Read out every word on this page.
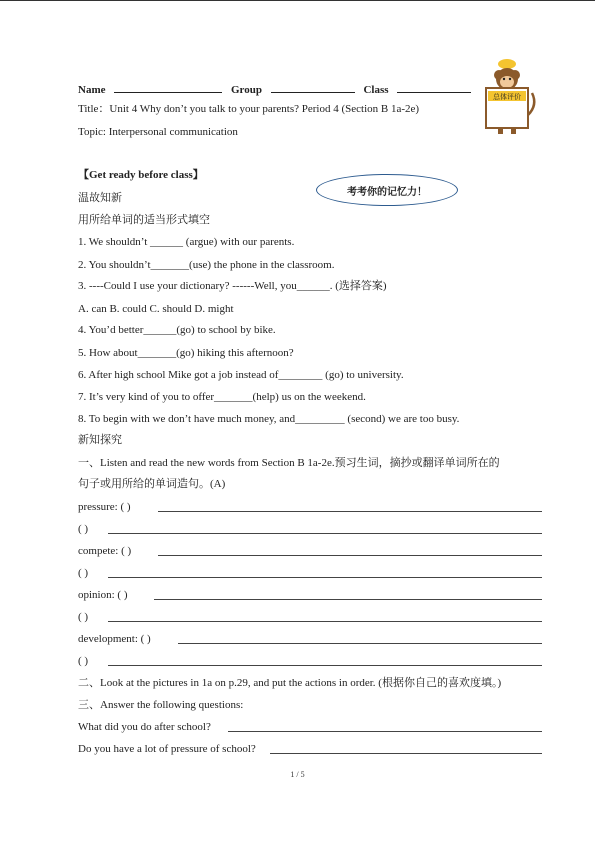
Name	Group	Class
Title：Unit 4 Why don’t you talk to your parents? Period 4 (Section B 1a-2e)
Topic: Interpersonal communication
总体评价
【Get ready before class】
温故知新
用所给单词的适当形式填空
考考你的记忆力！
1. We shouldn’t ______ (argue) with our parents.
2. You shouldn’t_______(use) the phone in the classroom.
3. ----Could I use your dictionary? ------Well, you______. (选择答案)
A. can B. could C. should D. might
4. You’d better______(go) to school by bike.
5. How about_______(go) hiking this afternoon?
6. After high school Mike got a job instead of________ (go) to university.
7. It’s very kind of you to offer_______(help) us on the weekend.
8. To begin with we don’t have much money, and_________ (second) we are too busy.
新知探究
一、Listen and read the new words from Section B 1a-2e.预习生词，摘抄或翻译单词所在的
句子或用所给的单词造句。(A)
pressure: ( )
( )
compete: ( )
( )
opinion: ( )
( )
development: ( )
( )
二、Look at the pictures in 1a on p.29, and put the actions in order. (根据你自己的喜欢度填。)
三、Answer the following questions:
What did you do after school?
Do you have a lot of pressure of school?
1 / 5
